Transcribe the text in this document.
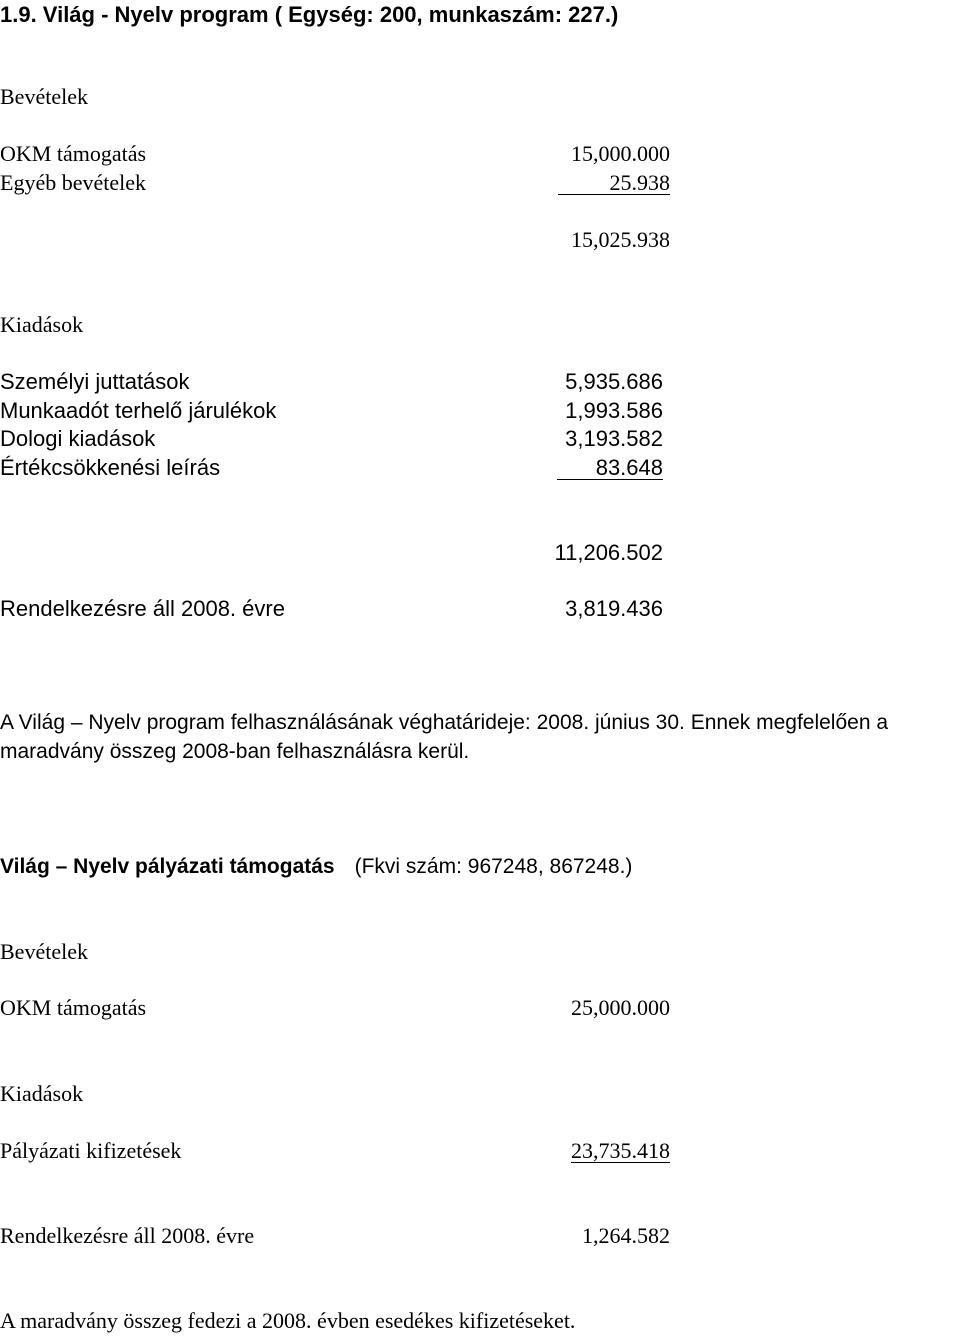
1.9. Világ - Nyelv program ( Egység: 200, munkaszám: 227.)
Bevételek
OKM támogatás	15,000.000
Egyéb bevételek	25.938
15,025.938
Kiadások
Személyi juttatások	5,935.686
Munkaadót terhelő járulékok	1,993.586
Dologi kiadások	3,193.582
Értékcsökkenési leírás	83.648
11,206.502
Rendelkezésre áll 2008. évre	3,819.436
A Világ – Nyelv program felhasználásának véghatárideje: 2008. június 30. Ennek megfelelően a
maradvány összeg 2008-ban felhasználásra kerül.
Világ – Nyelv pályázati támogatás (Fkvi szám: 967248, 867248.)
Bevételek
OKM támogatás	25,000.000
Kiadások
Pályázati kifizetések	23,735.418
Rendelkezésre áll 2008. évre	1,264.582
A maradvány összeg fedezi a 2008. évben esedékes kifizetéseket.
